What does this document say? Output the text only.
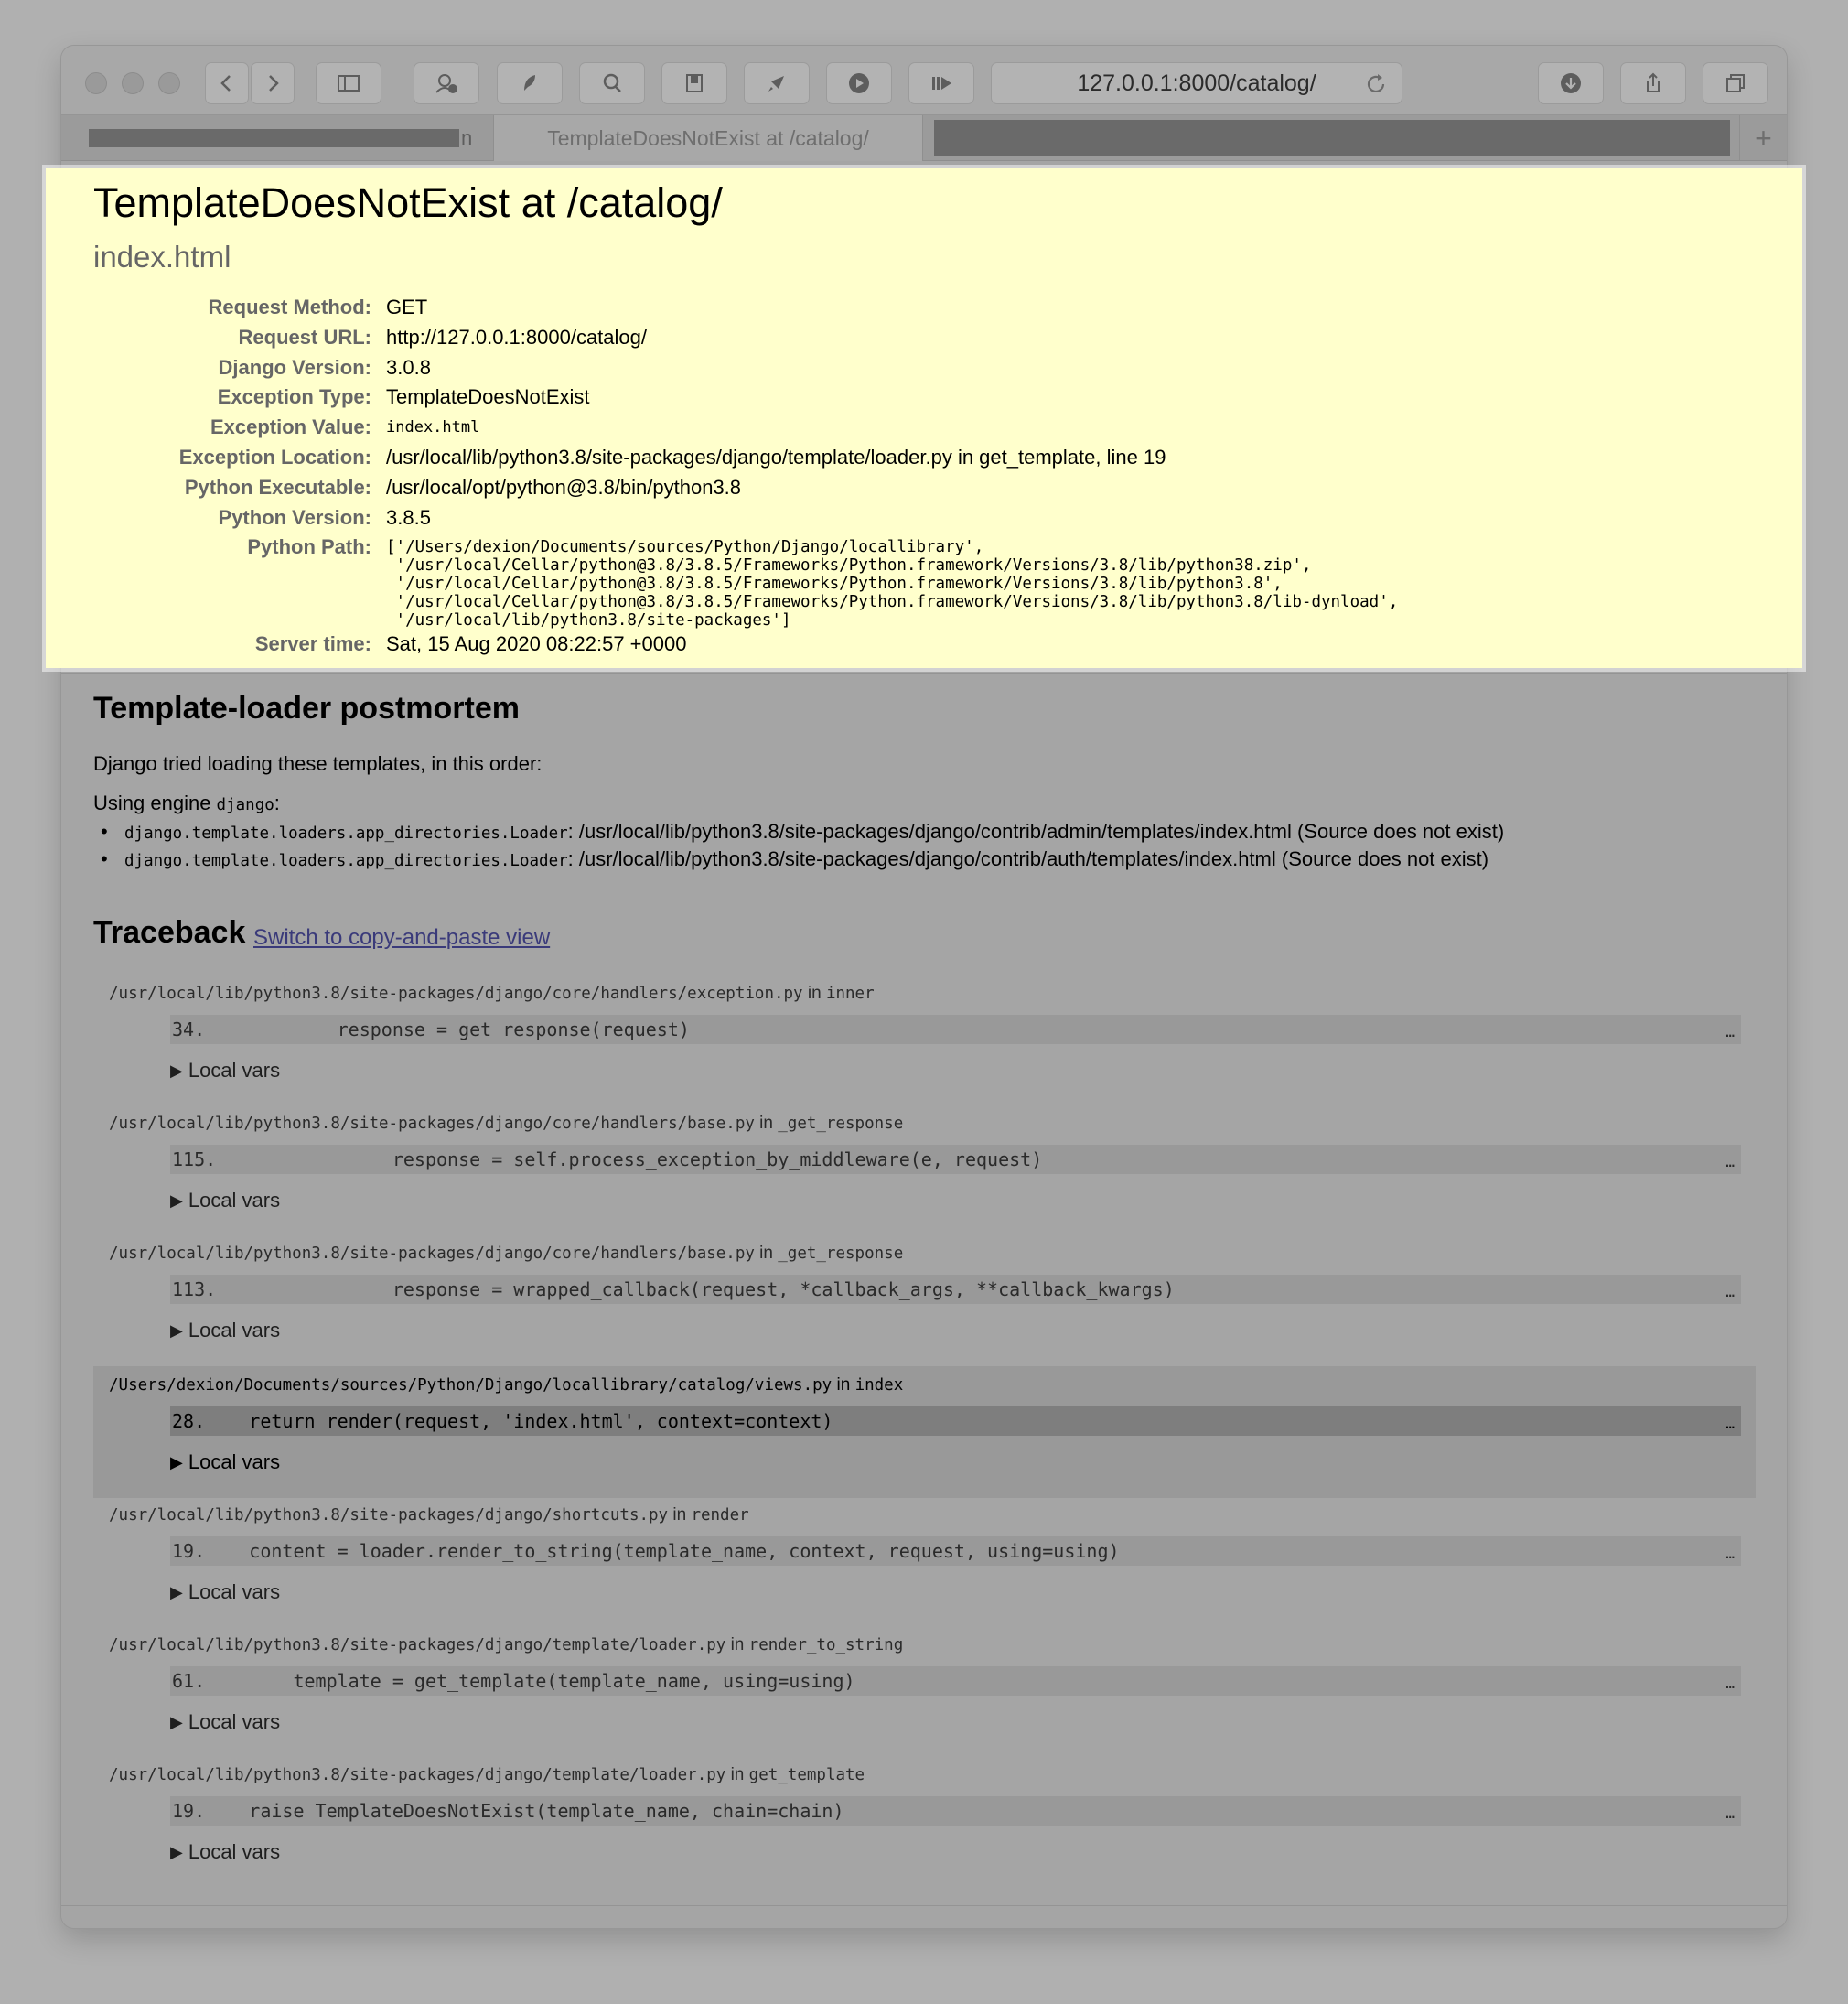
127.0.0.1:8000/catalog/
n	TemplateDoesNotExist at /catalog/	+
TemplateDoesNotExist at /catalog/
index.html
Request Method: GET
Request URL: http://127.0.0.1:8000/catalog/
Django Version: 3.0.8
Exception Type: TemplateDoesNotExist
Exception Value: index.html
Exception Location: /usr/local/lib/python3.8/site-packages/django/template/loader.py in get_template, line 19
Python Executable: /usr/local/opt/python@3.8/bin/python3.8
Python Version: 3.8.5
Python Path: ['/Users/dexion/Documents/sources/Python/Django/locallibrary',
'/usr/local/Cellar/python@3.8/3.8.5/Frameworks/Python.framework/Versions/3.8/lib/python38.zip',
'/usr/local/Cellar/python@3.8/3.8.5/Frameworks/Python.framework/Versions/3.8/lib/python3.8',
'/usr/local/Cellar/python@3.8/3.8.5/Frameworks/Python.framework/Versions/3.8/lib/python3.8/lib-dynload',
'/usr/local/lib/python3.8/site-packages']
Server time: Sat, 15 Aug 2020 08:22:57 +0000
Template-loader postmortem
Django tried loading these templates, in this order:
Using engine django:
• django.template.loaders.app_directories.Loader: /usr/local/lib/python3.8/site-packages/django/contrib/admin/templates/index.html (Source does not exist)
• django.template.loaders.app_directories.Loader: /usr/local/lib/python3.8/site-packages/django/contrib/auth/templates/index.html (Source does not exist)
Traceback Switch to copy-and-paste view
/usr/local/lib/python3.8/site-packages/django/core/handlers/exception.py in inner
34. response = get_response(request)	…
▶ Local vars
/usr/local/lib/python3.8/site-packages/django/core/handlers/base.py in _get_response
115. response = self.process_exception_by_middleware(e, request)	…
▶ Local vars
/usr/local/lib/python3.8/site-packages/django/core/handlers/base.py in _get_response
113. response = wrapped_callback(request, *callback_args, **callback_kwargs)	…
▶ Local vars
/Users/dexion/Documents/sources/Python/Django/locallibrary/catalog/views.py in index
28. return render(request, 'index.html', context=context)	…
▶ Local vars
/usr/local/lib/python3.8/site-packages/django/shortcuts.py in render
19. content = loader.render_to_string(template_name, context, request, using=using)	…
▶ Local vars
/usr/local/lib/python3.8/site-packages/django/template/loader.py in render_to_string
61. template = get_template(template_name, using=using)	…
▶ Local vars
/usr/local/lib/python3.8/site-packages/django/template/loader.py in get_template
19. raise TemplateDoesNotExist(template_name, chain=chain)	…
▶ Local vars
